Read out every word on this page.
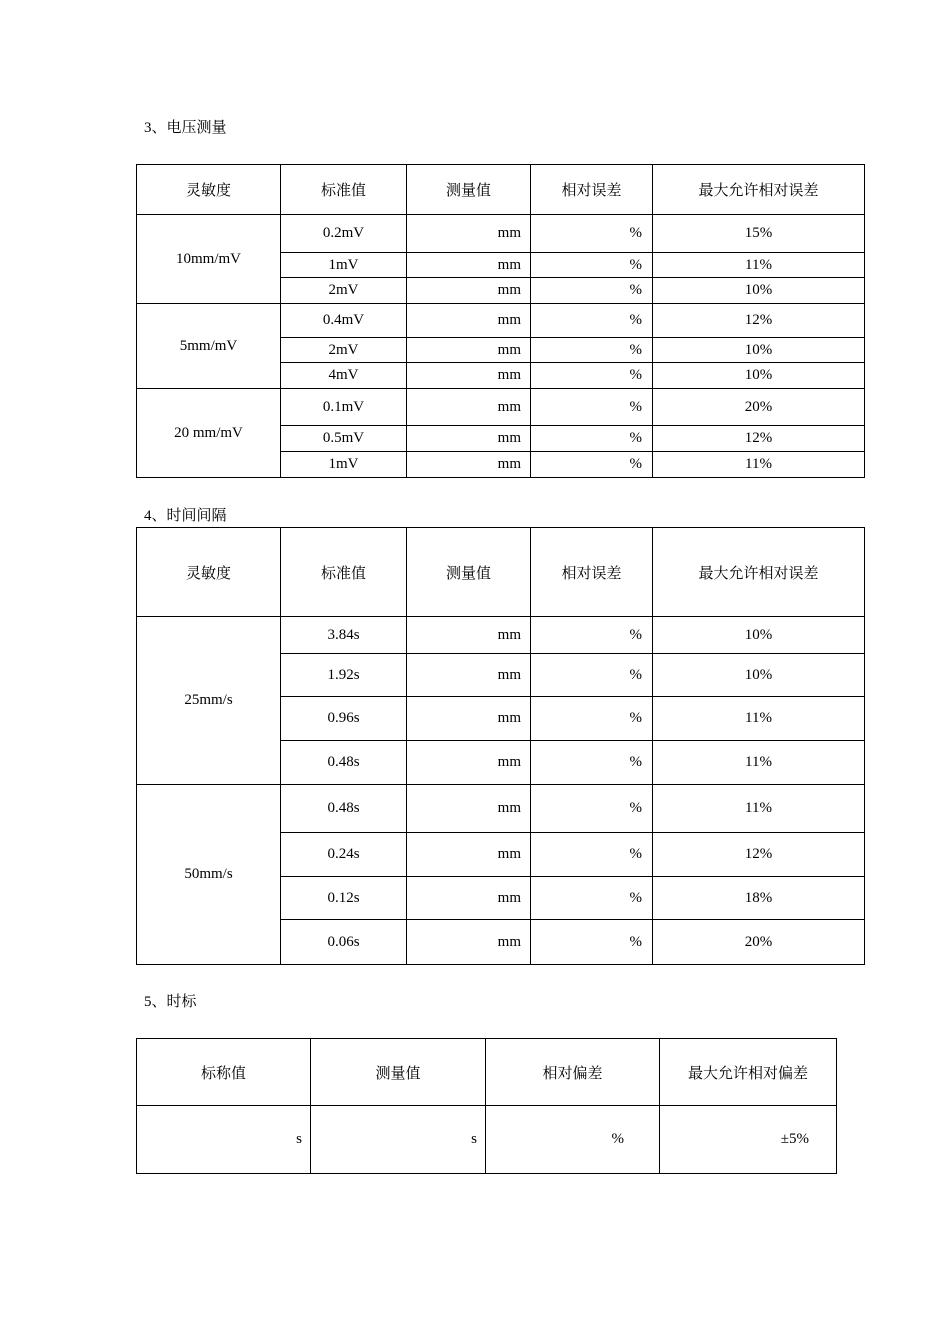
3、电压测量
灵敏度	标准值	测量值	相对误差	最大允许相对误差
10mm/mV	0.2mV	mm	%	15%
	1mV	mm	%	11%
	2mV	mm	%	10%
5mm/mV	0.4mV	mm	%	12%
	2mV	mm	%	10%
	4mV	mm	%	10%
20 mm/mV	0.1mV	mm	%	20%
	0.5mV	mm	%	12%
	1mV	mm	%	11%
4、时间间隔
灵敏度	标准值	测量值	相对误差	最大允许相对误差
25mm/s	3.84s	mm	%	10%
	1.92s	mm	%	10%
	0.96s	mm	%	11%
	0.48s	mm	%	11%
50mm/s	0.48s	mm	%	11%
	0.24s	mm	%	12%
	0.12s	mm	%	18%
	0.06s	mm	%	20%
5、时标
标称值	测量值	相对偏差	最大允许相对偏差
s	s	%	±5%
